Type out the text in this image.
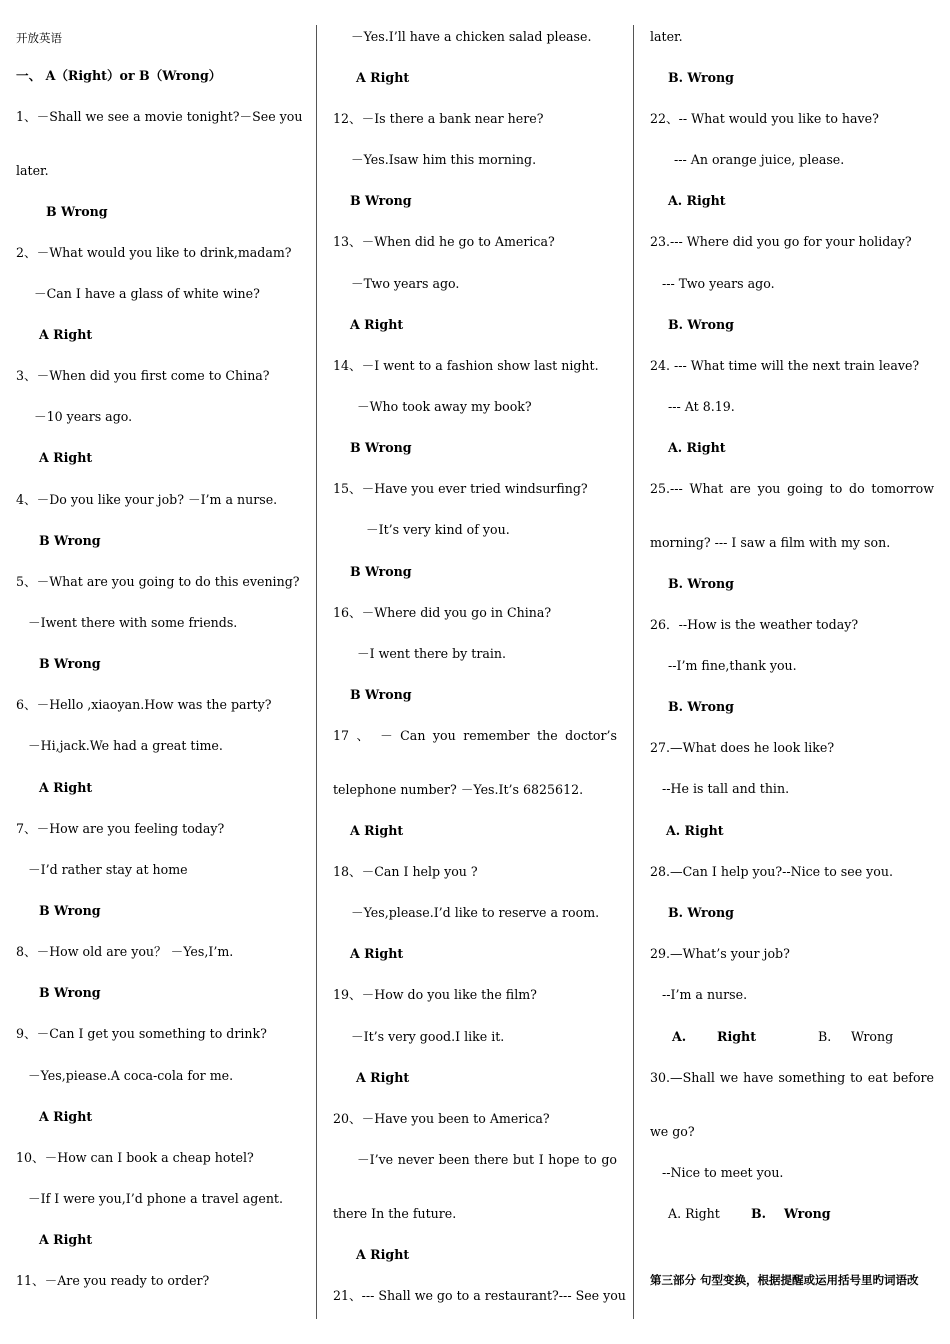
开放英语
一、 A（Right）or B（Wrong）
1、－Shall we see a movie tonight?－See you
later.
B Wrong
2、－What would you like to drink,madam?
－Can I have a glass of white wine?
A Right
3、－When did you first come to China?
－10 years ago.
A Right
4、－Do you like your job? －I’m a nurse.
B Wrong
5、－What are you going to do this evening?
－Iwent there with some friends.
B Wrong
6、－Hello ,xiaoyan.How was the party?
－Hi,jack.We had a great time.
A Right
7、－How are you feeling today?
－I’d rather stay at home
B Wrong
8、－How old are you？ －Yes,I’m.
B Wrong
9、－Can I get you something to drink?
－Yes,piease.A coca-cola for me.
A Right
10、－How can I book a cheap hotel?
－If I were you,I’d phone a travel agent.
A Right
11、－Are you ready to order?
－Yes.I’ll have a chicken salad please.
A Right
12、－Is there a bank near here?
－Yes.Isaw him this morning.
B Wrong
13、－When did he go to America?
－Two years ago.
A Right
14、－I went to a fashion show last night.
－Who took away my book?
B Wrong
15、－Have you ever tried windsurfing?
－It’s very kind of you.
B Wrong
16、－Where did you go in China?
－I went there by train.
B Wrong
17 、 － Can you remember the doctor’s
telephone number? －Yes.It’s 6825612.
A Right
18、－Can I help you ?
－Yes,please.I’d like to reserve a room.
A Right
19、－How do you like the film?
－It’s very good.I like it.
A Right
20、－Have you been to America?
－I’ve never been there but I hope to go
there In the future.
A Right
21、--- Shall we go to a restaurant?--- See you
later.
B. Wrong
22、-- What would you like to have?
--- An orange juice, please.
A. Right
23.--- Where did you go for your holiday?
--- Two years ago.
B. Wrong
24. --- What time will the next train leave?
--- At 8.19.
A. Right
25.--- What are you going to do tomorrow
morning? --- I saw a film with my son.
B. Wrong
26．--How is the weather today?
--I’m fine,thank you.
B. Wrong
27.—What does he look like?
--He is tall and thin.
A. Right
28.—Can I help you?--Nice to see you.
B. Wrong
29.—What’s your job?
--I’m a nurse.
A. Right	B. Wrong
30.—Shall we have something to eat before
we go?
--Nice to meet you.
A. Right B. Wrong
第三部分 句型变换，根据提醒或运用括号里旳词语改
